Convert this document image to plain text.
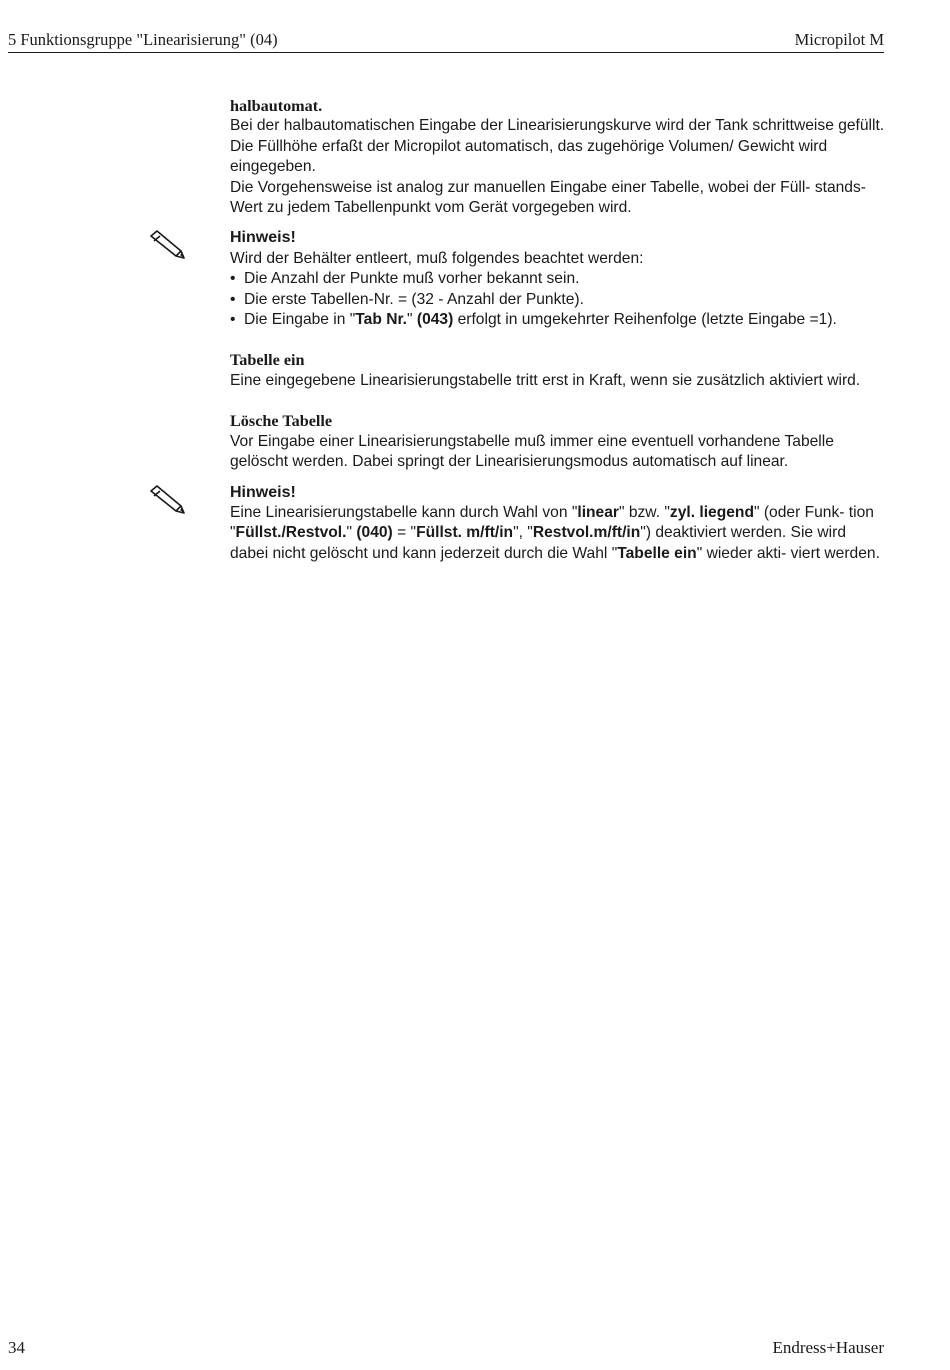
5 Funktionsgruppe "Linearisierung" (04)	Micropilot M
halbautomat.
Bei der halbautomatischen Eingabe der Linearisierungskurve wird der Tank schrittweise gefüllt. Die Füllhöhe erfaßt der Micropilot automatisch, das zugehörige Volumen/ Gewicht wird eingegeben.
Die Vorgehensweise ist analog zur manuellen Eingabe einer Tabelle, wobei der Füll- stands-Wert zu jedem Tabellenpunkt vom Gerät vorgegeben wird.
Hinweis!
Wird der Behälter entleert, muß folgendes beachtet werden:
• Die Anzahl der Punkte muß vorher bekannt sein.
• Die erste Tabellen-Nr. = (32 - Anzahl der Punkte).
• Die Eingabe in "Tab Nr." (043) erfolgt in umgekehrter Reihenfolge (letzte Eingabe =1).
Tabelle ein
Eine eingegebene Linearisierungstabelle tritt erst in Kraft, wenn sie zusätzlich aktiviert wird.
Lösche Tabelle
Vor Eingabe einer Linearisierungstabelle muß immer eine eventuell vorhandene Tabelle gelöscht werden. Dabei springt der Linearisierungsmodus automatisch auf linear.
Hinweis!
Eine Linearisierungstabelle kann durch Wahl von "linear" bzw. "zyl. liegend" (oder Funk- tion "Füllst./Restvol." (040) = "Füllst. m/ft/in", "Restvol.m/ft/in") deaktiviert werden. Sie wird dabei nicht gelöscht und kann jederzeit durch die Wahl "Tabelle ein" wieder akti- viert werden.
34	Endress+Hauser
